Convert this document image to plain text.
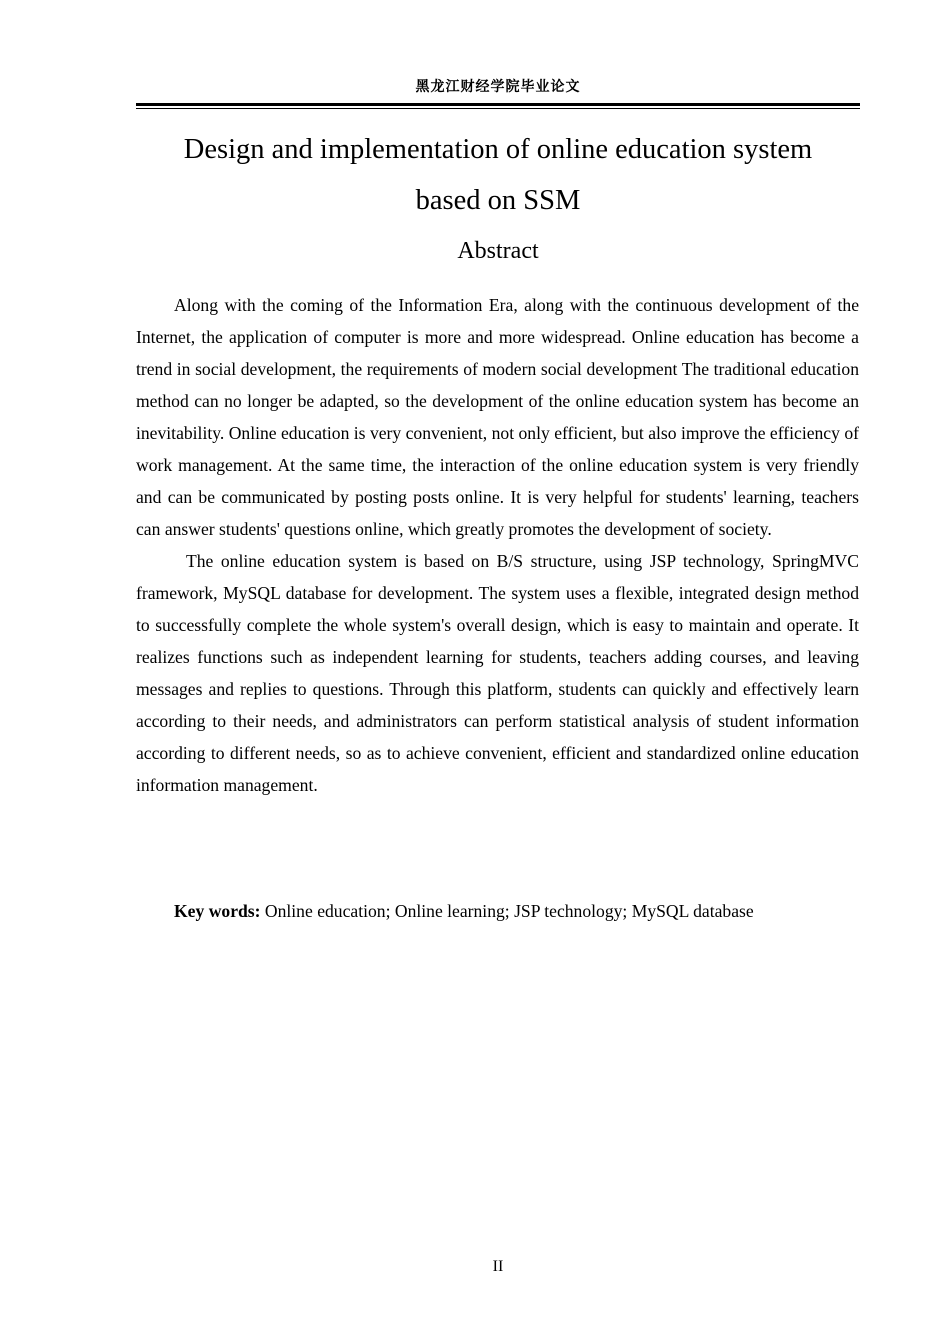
黑龙江财经学院毕业论文
Design and implementation of online education system
based on SSM
Abstract

Along with the coming of the Information Era, along with the continuous development of the Internet, the application of computer is more and more widespread. Online education has become a trend in social development, the requirements of modern social development The traditional education method can no longer be adapted, so the development of the online education system has become an inevitability. Online education is very convenient, not only efficient, but also improve the efficiency of work management. At the same time, the interaction of the online education system is very friendly and can be communicated by posting posts online. It is very helpful for students' learning, teachers can answer students' questions online, which greatly promotes the development of society.

The online education system is based on B/S structure, using JSP technology, SpringMVC framework, MySQL database for development. The system uses a flexible, integrated design method to successfully complete the whole system's overall design, which is easy to maintain and operate. It realizes functions such as independent learning for students, teachers adding courses, and leaving messages and replies to questions. Through this platform, students can quickly and effectively learn according to their needs, and administrators can perform statistical analysis of student information according to different needs, so as to achieve convenient, efficient and standardized online education information management.

Key words: Online education; Online learning; JSP technology; MySQL database
II
